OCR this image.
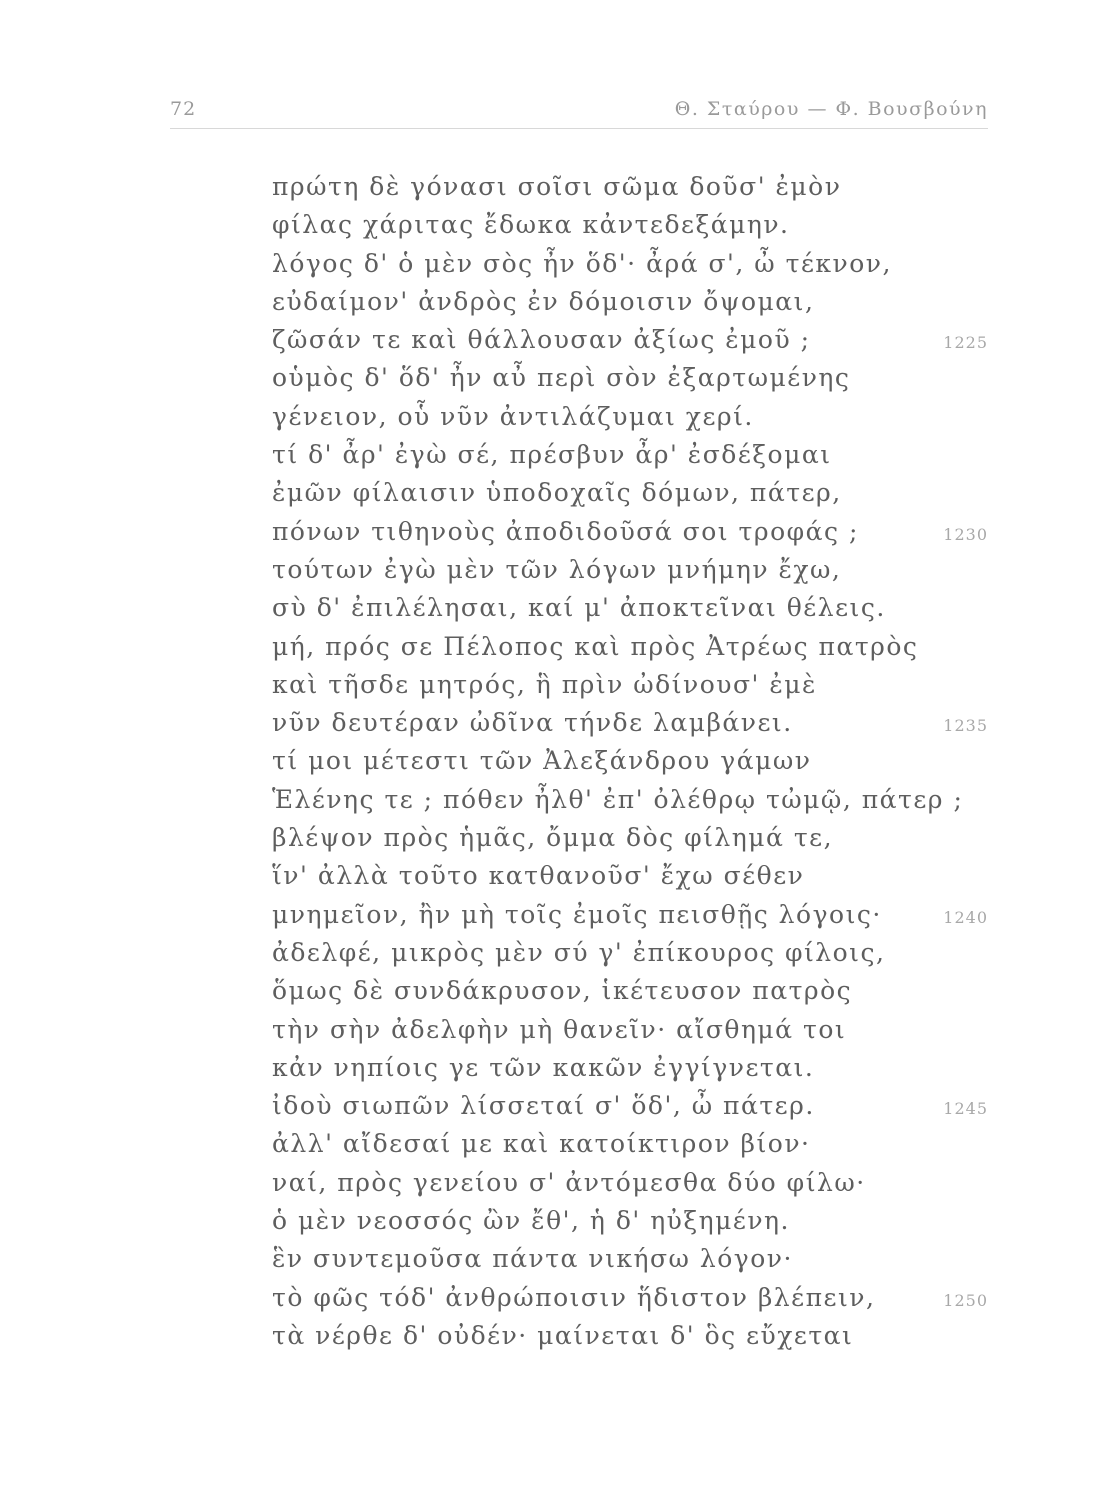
72	Θ. Σταύρου — Φ. Βουσβούνη
πρώτη δὲ γόνασι σοῖσι σῶμα δοῦσ' ἐμὸν
φίλας χάριτας ἔδωκα κἀντεδεξάμην.
λόγος δ' ὁ μὲν σὸς ἦν ὅδ'· ἆρά σ', ὦ τέκνον,
εὐδαίμον' ἀνδρὸς ἐν δόμοισιν ὄψομαι,
ζῶσάν τε καὶ θάλλουσαν ἀξίως ἐμοῦ ;	1225
οὑμὸς δ' ὅδ' ἦν αὖ περὶ σὸν ἐξαρτωμένης
γένειον, οὗ νῦν ἀντιλάζυμαι χερί.
τί δ' ἆρ' ἐγὼ σέ, πρέσβυν ἆρ' ἐσδέξομαι
ἐμῶν φίλαισιν ὑποδοχαῖς δόμων, πάτερ,
πόνων τιθηνοὺς ἀποδιδοῦσά σοι τροφάς ;	1230
τούτων ἐγὼ μὲν τῶν λόγων μνήμην ἔχω,
σὺ δ' ἐπιλέλησαι, καί μ' ἀποκτεῖναι θέλεις.
μή, πρός σε Πέλοπος καὶ πρὸς Ἀτρέως πατρὸς
καὶ τῆσδε μητρός, ἣ πρὶν ὠδίνουσ' ἐμὲ
νῦν δευτέραν ὠδῖνα τήνδε λαμβάνει.	1235
τί μοι μέτεστι τῶν Ἀλεξάνδρου γάμων
Ἑλένης τε ; πόθεν ἦλθ' ἐπ' ὀλέθρῳ τὠμῷ, πάτερ ;
βλέψον πρὸς ἡμᾶς, ὄμμα δὸς φίλημά τε,
ἵν' ἀλλὰ τοῦτο κατθανοῦσ' ἔχω σέθεν
μνημεῖον, ἢν μὴ τοῖς ἐμοῖς πεισθῇς λόγοις·	1240
ἀδελφέ, μικρὸς μὲν σύ γ' ἐπίκουρος φίλοις,
ὅμως δὲ συνδάκρυσον, ἱκέτευσον πατρὸς
τὴν σὴν ἀδελφὴν μὴ θανεῖν· αἴσθημά τοι
κἀν νηπίοις γε τῶν κακῶν ἐγγίγνεται.
ἰδοὺ σιωπῶν λίσσεταί σ' ὅδ', ὦ πάτερ.	1245
ἀλλ' αἴδεσαί με καὶ κατοίκτιρον βίον·
ναί, πρὸς γενείου σ' ἀντόμεσθα δύο φίλω·
ὁ μὲν νεοσσός ὢν ἔθ', ἡ δ' ηὐξημένη.
ἓν συντεμοῦσα πάντα νικήσω λόγον·
τὸ φῶς τόδ' ἀνθρώποισιν ἥδιστον βλέπειν,	1250
τὰ νέρθε δ' οὐδέν· μαίνεται δ' ὃς εὔχεται
